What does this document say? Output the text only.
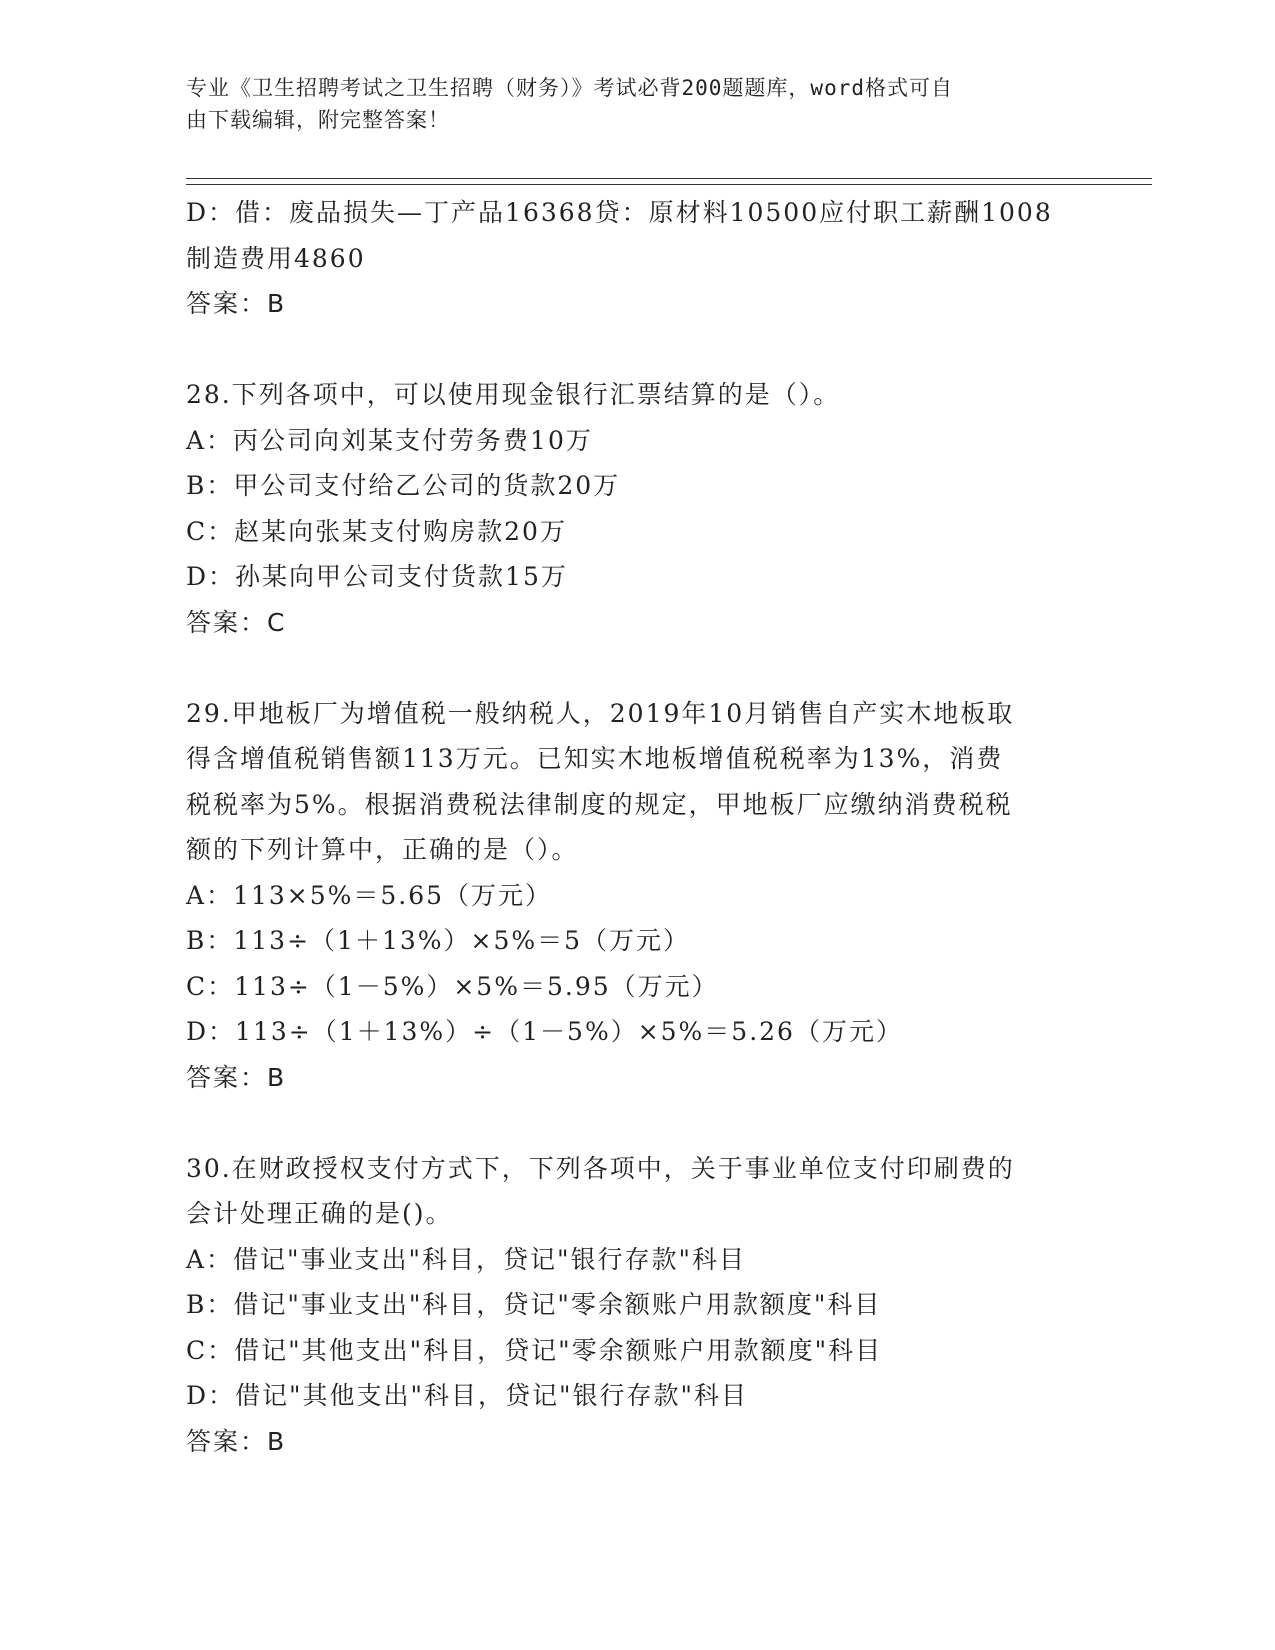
专业《卫生招聘考试之卫生招聘（财务）》考试必背200题题库，word格式可自
由下载编辑，附完整答案！

D：借：废品损失—丁产品16368贷：原材料10500应付职工薪酬1008

制造费用4860

答案：B

28.下列各项中，可以使用现金银行汇票结算的是（）。

A：丙公司向刘某支付劳务费10万

B：甲公司支付给乙公司的货款20万

C：赵某向张某支付购房款20万

D：孙某向甲公司支付货款15万

答案：C

29.甲地板厂为增值税一般纳税人，2019年10月销售自产实木地板取

得含增值税销售额113万元。已知实木地板增值税税率为13%，消费

税税率为5%。根据消费税法律制度的规定，甲地板厂应缴纳消费税税

额的下列计算中，正确的是（）。

A：113×5%＝5.65（万元）

B：113÷（1＋13%）×5%＝5（万元）

C：113÷（1－5%）×5%＝5.95（万元）

D：113÷（1＋13%）÷（1－5%）×5%＝5.26（万元）

答案：B

30.在财政授权支付方式下，下列各项中，关于事业单位支付印刷费的

会计处理正确的是()。

A：借记"事业支出"科目，贷记"银行存款"科目

B：借记"事业支出"科目，贷记"零余额账户用款额度"科目

C：借记"其他支出"科目，贷记"零余额账户用款额度"科目

D：借记"其他支出"科目，贷记"银行存款"科目

答案：B
